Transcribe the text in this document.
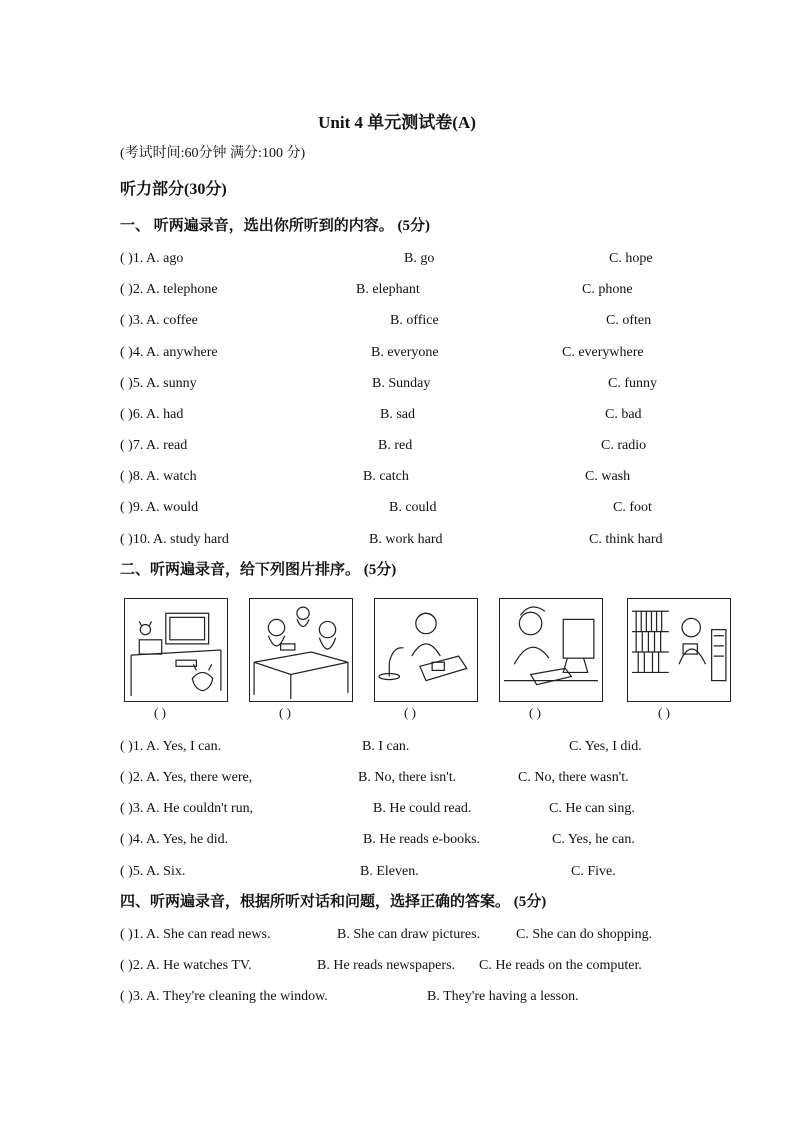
Unit 4 单元测试卷(A)
(考试时间:60分钟 满分:100 分)
听力部分(30分)
一、 听两遍录音，选出你所听到的内容。 (5分)
( )1. A. ago	B. go	C. hope
( )2. A. telephone	B. elephant	C. phone
( )3. A. coffee	B. office	C. often
( )4. A. anywhere	B. everyone	C. everywhere
( )5. A. sunny	B. Sunday	C. funny
( )6. A. had	B. sad	C. bad
( )7. A. read	B. red	C. radio
( )8. A. watch	B. catch	C. wash
( )9. A. would	B. could	C. foot
( )10. A. study hard	B. work hard	C. think hard
二、听两遍录音，给下列图片排序。 (5分)
( )	( )	( )	( )	( )
( )1. A. Yes, I can.	B. I can.	C. Yes, I did.
( )2. A. Yes, there were,	B. No, there isn't.	C. No, there wasn't.
( )3. A. He couldn't run,	B. He could read.	C. He can sing.
( )4. A. Yes, he did.	B. He reads e-books.	C. Yes, he can.
( )5. A. Six.	B. Eleven.	C. Five.
四、听两遍录音，根据所听对话和问题，选择正确的答案。 (5分)
( )1. A. She can read news.	B. She can draw pictures.	C. She can do shopping.
( )2. A. He watches TV.	B. He reads newspapers. C. He reads on the computer.
( )3. A. They're cleaning the window.	B. They're having a lesson.
